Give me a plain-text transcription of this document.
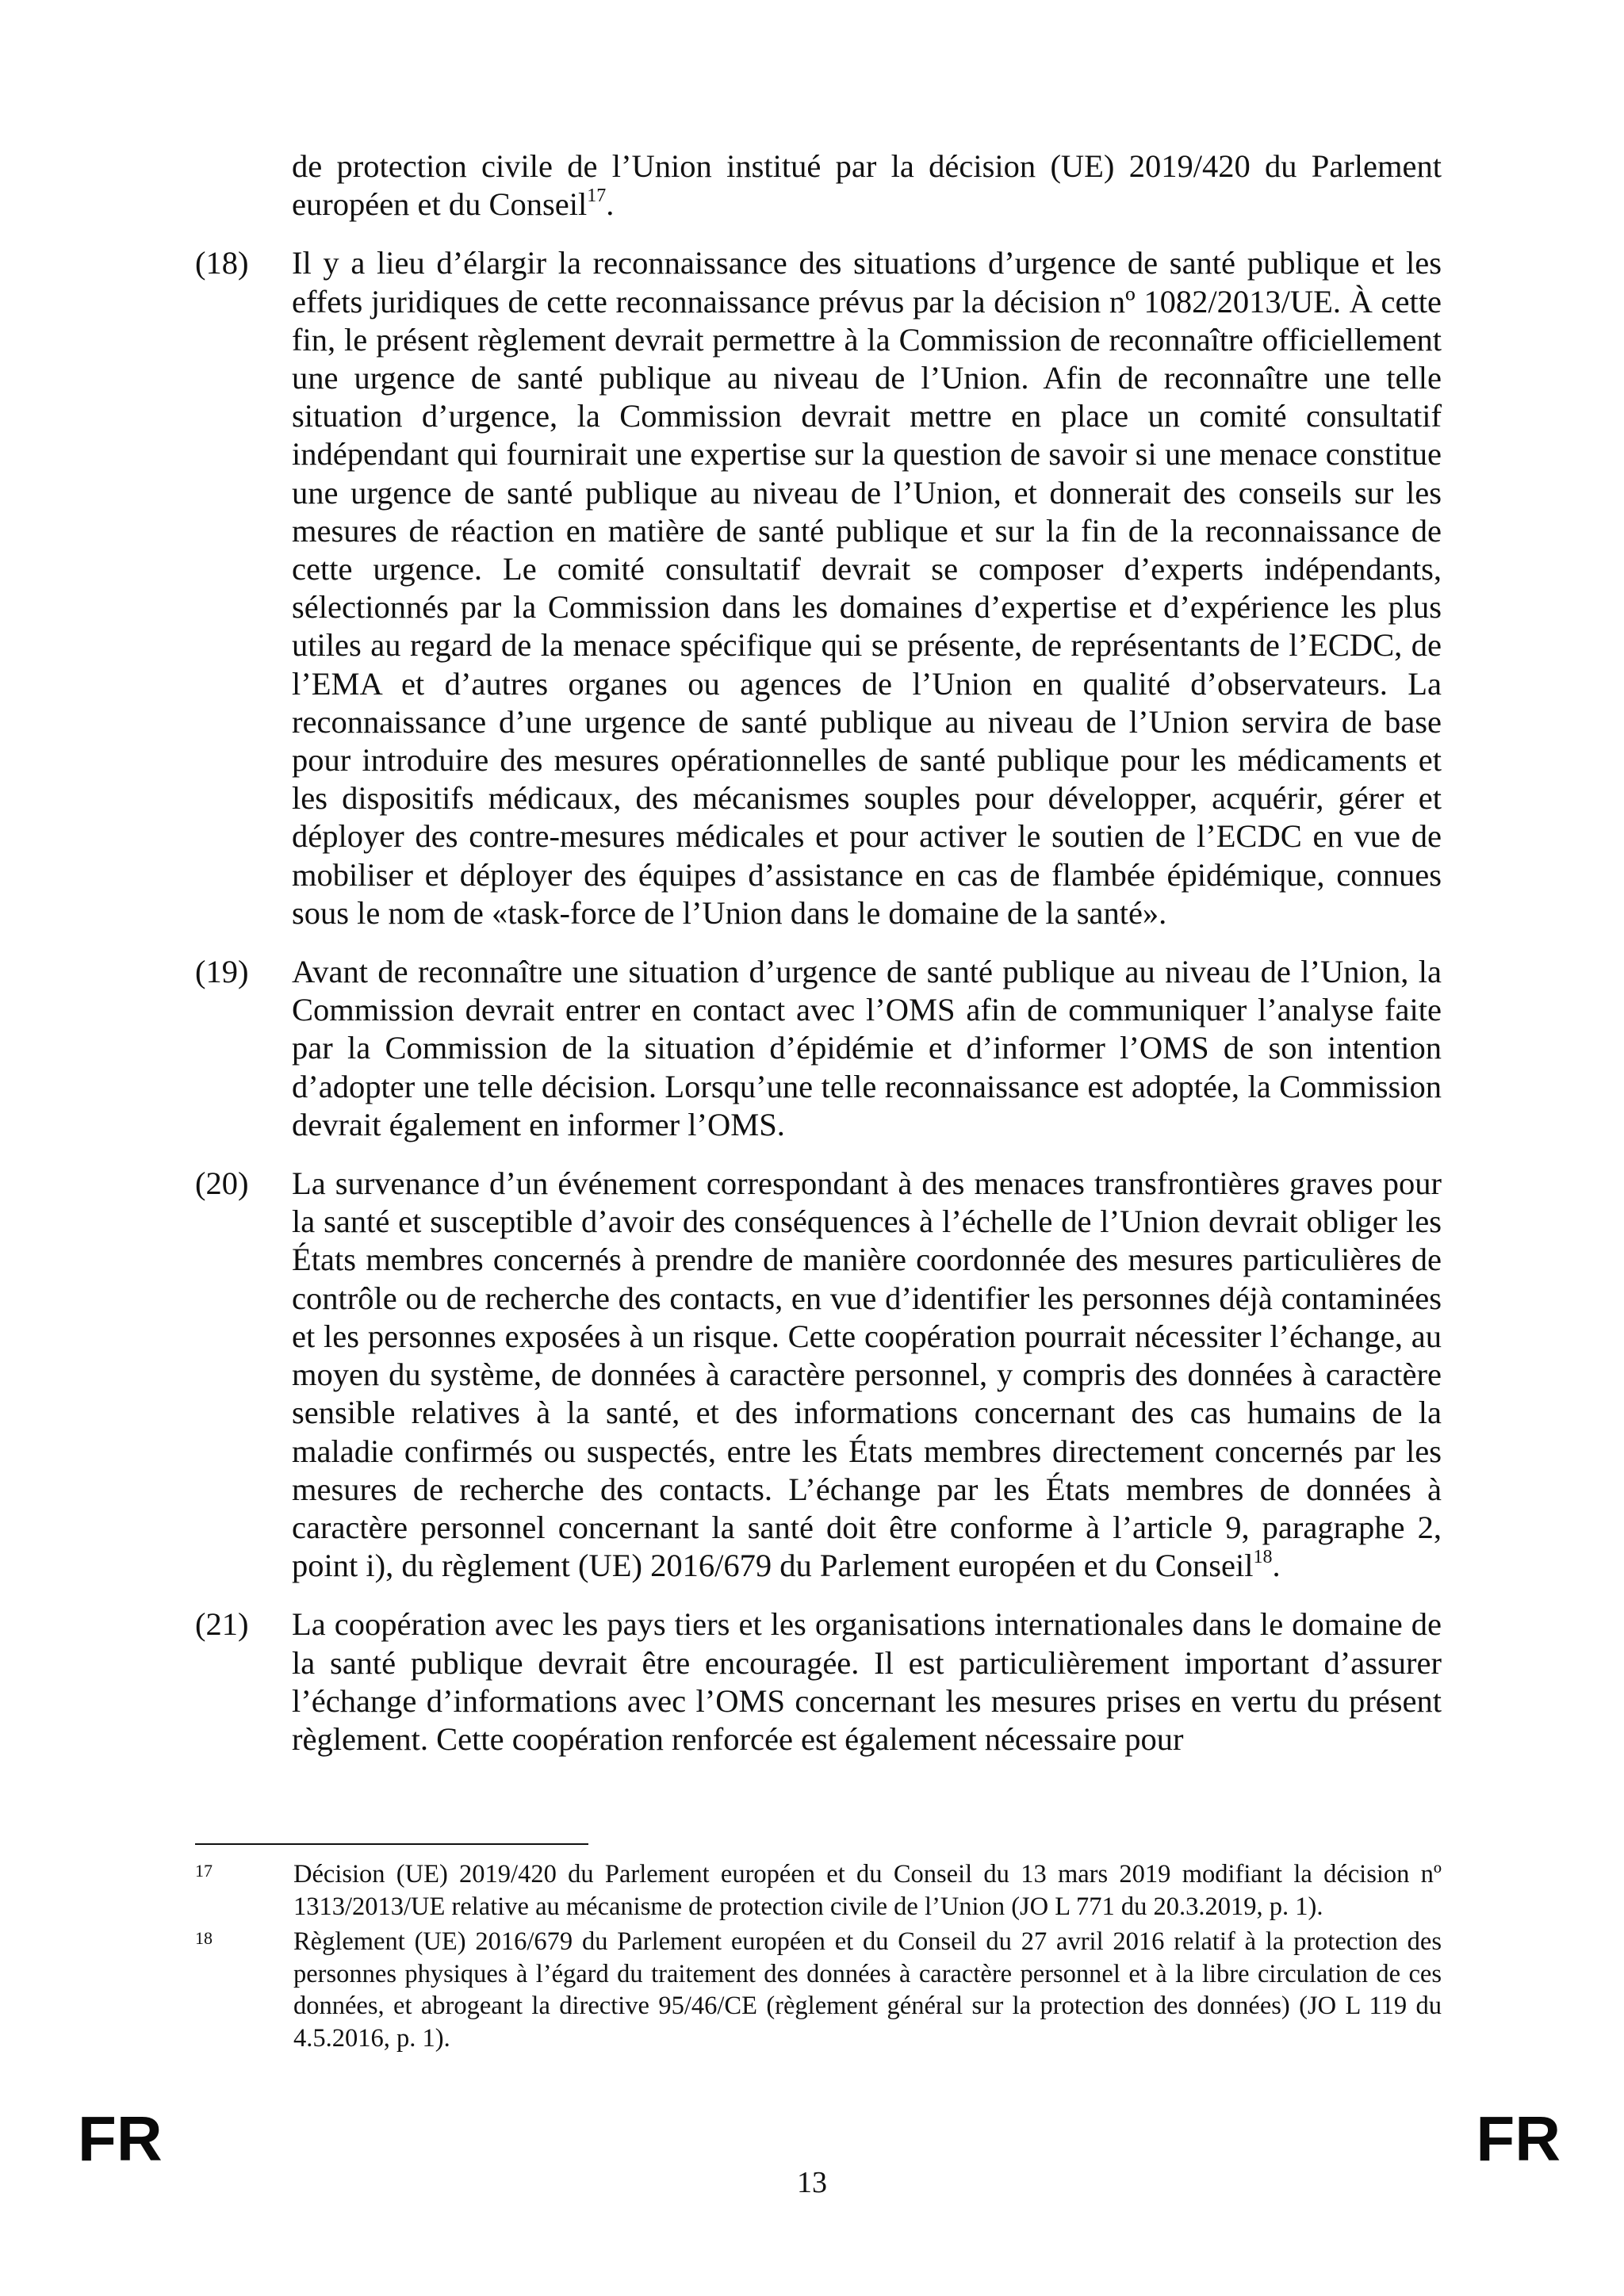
de protection civile de l’Union institué par la décision (UE) 2019/420 du Parlement européen et du Conseil$^{17}$.
(18) Il y a lieu d’élargir la reconnaissance des situations d’urgence de santé publique et les effets juridiques de cette reconnaissance prévus par la décision nº 1082/2013/UE. À cette fin, le présent règlement devrait permettre à la Commission de reconnaître officiellement une urgence de santé publique au niveau de l’Union. Afin de reconnaître une telle situation d’urgence, la Commission devrait mettre en place un comité consultatif indépendant qui fournirait une expertise sur la question de savoir si une menace constitue une urgence de santé publique au niveau de l’Union, et donnerait des conseils sur les mesures de réaction en matière de santé publique et sur la fin de la reconnaissance de cette urgence. Le comité consultatif devrait se composer d’experts indépendants, sélectionnés par la Commission dans les domaines d’expertise et d’expérience les plus utiles au regard de la menace spécifique qui se présente, de représentants de l’ECDC, de l’EMA et d’autres organes ou agences de l’Union en qualité d’observateurs. La reconnaissance d’une urgence de santé publique au niveau de l’Union servira de base pour introduire des mesures opérationnelles de santé publique pour les médicaments et les dispositifs médicaux, des mécanismes souples pour développer, acquérir, gérer et déployer des contre-mesures médicales et pour activer le soutien de l’ECDC en vue de mobiliser et déployer des équipes d’assistance en cas de flambée épidémique, connues sous le nom de «task-force de l’Union dans le domaine de la santé».
(19) Avant de reconnaître une situation d’urgence de santé publique au niveau de l’Union, la Commission devrait entrer en contact avec l’OMS afin de communiquer l’analyse faite par la Commission de la situation d’épidémie et d’informer l’OMS de son intention d’adopter une telle décision. Lorsqu’une telle reconnaissance est adoptée, la Commission devrait également en informer l’OMS.
(20) La survenance d’un événement correspondant à des menaces transfrontières graves pour la santé et susceptible d’avoir des conséquences à l’échelle de l’Union devrait obliger les États membres concernés à prendre de manière coordonnée des mesures particulières de contrôle ou de recherche des contacts, en vue d’identifier les personnes déjà contaminées et les personnes exposées à un risque. Cette coopération pourrait nécessiter l’échange, au moyen du système, de données à caractère personnel, y compris des données à caractère sensible relatives à la santé, et des informations concernant des cas humains de la maladie confirmés ou suspectés, entre les États membres directement concernés par les mesures de recherche des contacts. L’échange par les États membres de données à caractère personnel concernant la santé doit être conforme à l’article 9, paragraphe 2, point i), du règlement (UE) 2016/679 du Parlement européen et du Conseil$^{18}$.
(21) La coopération avec les pays tiers et les organisations internationales dans le domaine de la santé publique devrait être encouragée. Il est particulièrement important d’assurer l’échange d’informations avec l’OMS concernant les mesures prises en vertu du présent règlement. Cette coopération renforcée est également nécessaire pour
17	Décision (UE) 2019/420 du Parlement européen et du Conseil du 13 mars 2019 modifiant la décision nº 1313/2013/UE relative au mécanisme de protection civile de l’Union (JO L 771 du 20.3.2019, p. 1).
18	Règlement (UE) 2016/679 du Parlement européen et du Conseil du 27 avril 2016 relatif à la protection des personnes physiques à l’égard du traitement des données à caractère personnel et à la libre circulation de ces données, et abrogeant la directive 95/46/CE (règlement général sur la protection des données) (JO L 119 du 4.5.2016, p. 1).
FR
13
FR
